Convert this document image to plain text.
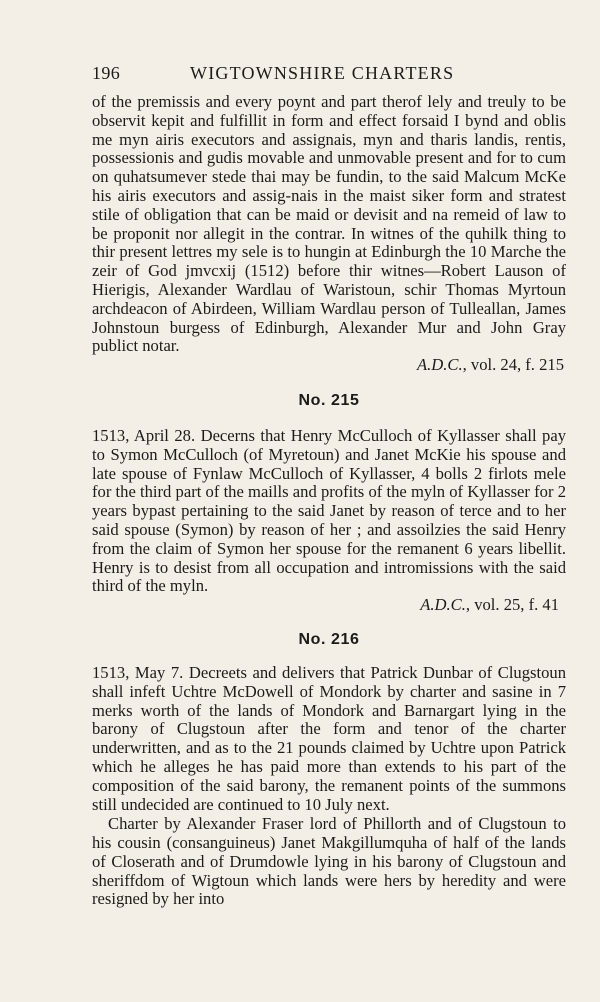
196	WIGTOWNSHIRE CHARTERS

of the premissis and every poynt and part therof lely and treuly to be observit kepit and fulfillit in form and effect forsaid I bynd and oblis me myn airis executors and assignais, myn and tharis landis, rentis, possessionis and gudis movable and unmovable present and for to cum on quhatsumever stede thai may be fundin, to the said Malcum McKe his airis executors and assig-nais in the maist siker form and stratest stile of obligation that can be maid or devisit and na remeid of law to be proponit nor allegit in the contrar. In witnes of the quhilk thing to thir present lettres my sele is to hungin at Edinburgh the 10 Marche the zeir of God jmvcxij (1512) before thir witnes—Robert Lauson of Hierigis, Alexander Wardlau of Waristoun, schir Thomas Myrtoun archdeacon of Abirdeen, William Wardlau person of Tulleallan, James Johnstoun burgess of Edinburgh, Alexander Mur and John Gray publict notar.

A.D.C., vol. 24, f. 215
No. 215

1513, April 28. Decerns that Henry McCulloch of Kyllasser shall pay to Symon McCulloch (of Myretoun) and Janet McKie his spouse and late spouse of Fynlaw McCulloch of Kyllasser, 4 bolls 2 firlots mele for the third part of the maills and profits of the myln of Kyllasser for 2 years bypast pertaining to the said Janet by reason of terce and to her said spouse (Symon) by reason of her ; and assoilzies the said Henry from the claim of Symon her spouse for the remanent 6 years libellit. Henry is to desist from all occupation and intromissions with the said third of the myln.

A.D.C., vol. 25, f. 41
No. 216

1513, May 7. Decreets and delivers that Patrick Dunbar of Clugstoun shall infeft Uchtre McDowell of Mondork by charter and sasine in 7 merks worth of the lands of Mondork and Barnargart lying in the barony of Clugstoun after the form and tenor of the charter underwritten, and as to the 21 pounds claimed by Uchtre upon Patrick which he alleges he has paid more than extends to his part of the composition of the said barony, the remanent points of the summons still undecided are continued to 10 July next.

Charter by Alexander Fraser lord of Phillorth and of Clugstoun to his cousin (consanguineus) Janet Makgillumquha of half of the lands of Closerath and of Drumdowle lying in his barony of Clugstoun and sheriffdom of Wigtoun which lands were hers by heredity and were resigned by her into
